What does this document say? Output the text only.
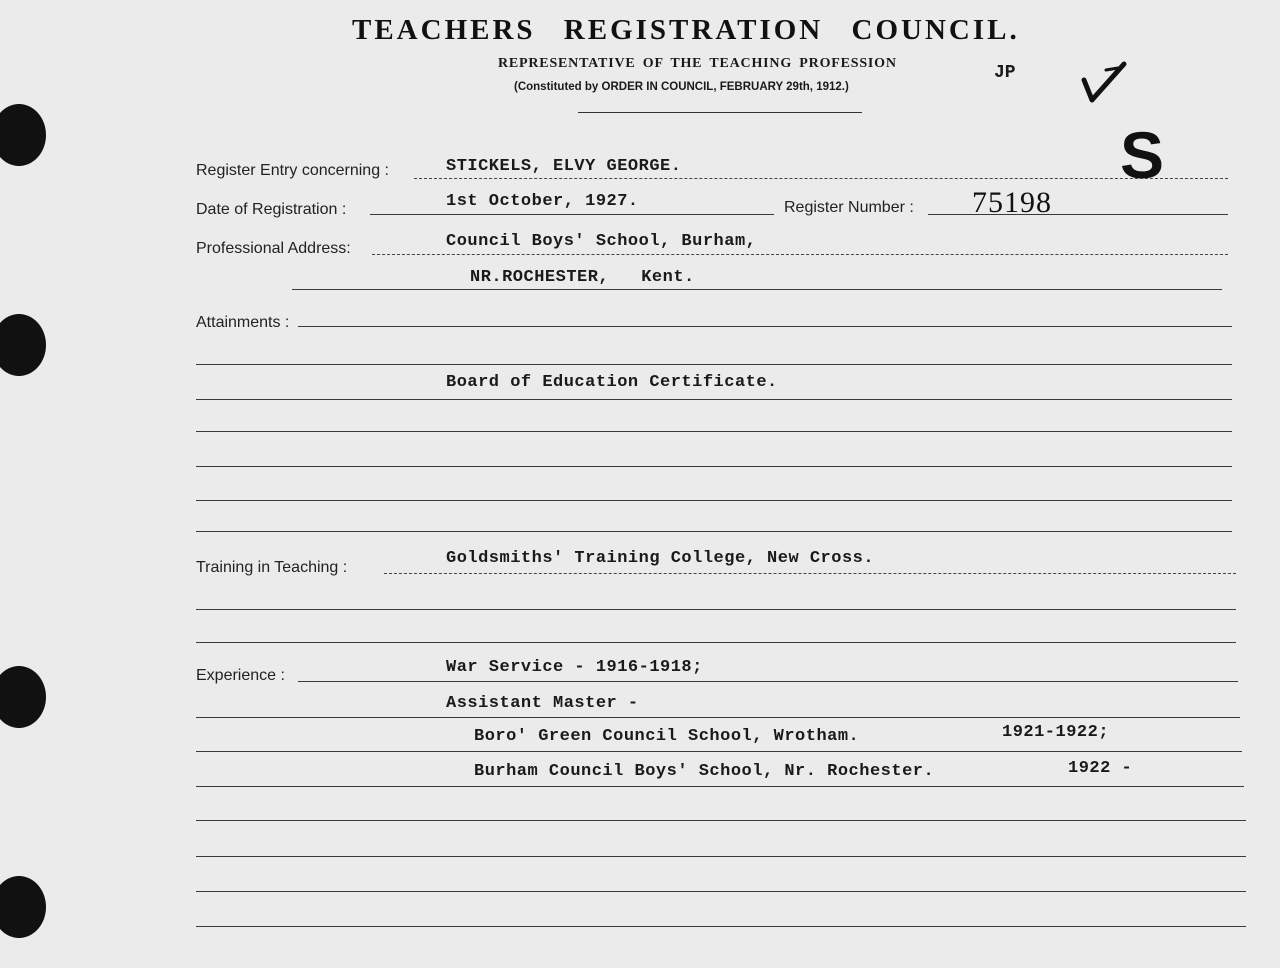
TEACHERS REGISTRATION COUNCIL.
REPRESENTATIVE OF THE TEACHING PROFESSION
(Constituted by ORDER IN COUNCIL, FEBRUARY 29th, 1912.)
JP
S
Register Entry concerning :	STICKELS, ELVY GEORGE.
Date of Registration :	1st October, 1927.	Register Number : 75198
Professional Address:	Council Boys' School, Burham,
NR.ROCHESTER,   Kent.
Attainments :
Board of Education Certificate.
Training in Teaching :	Goldsmiths' Training College, New Cross.
Experience :	War Service - 1916-1918;
Assistant Master -
Boro' Green Council School, Wrotham.	1921-1922;
Burham Council Boys' School, Nr. Rochester.	1922 -
